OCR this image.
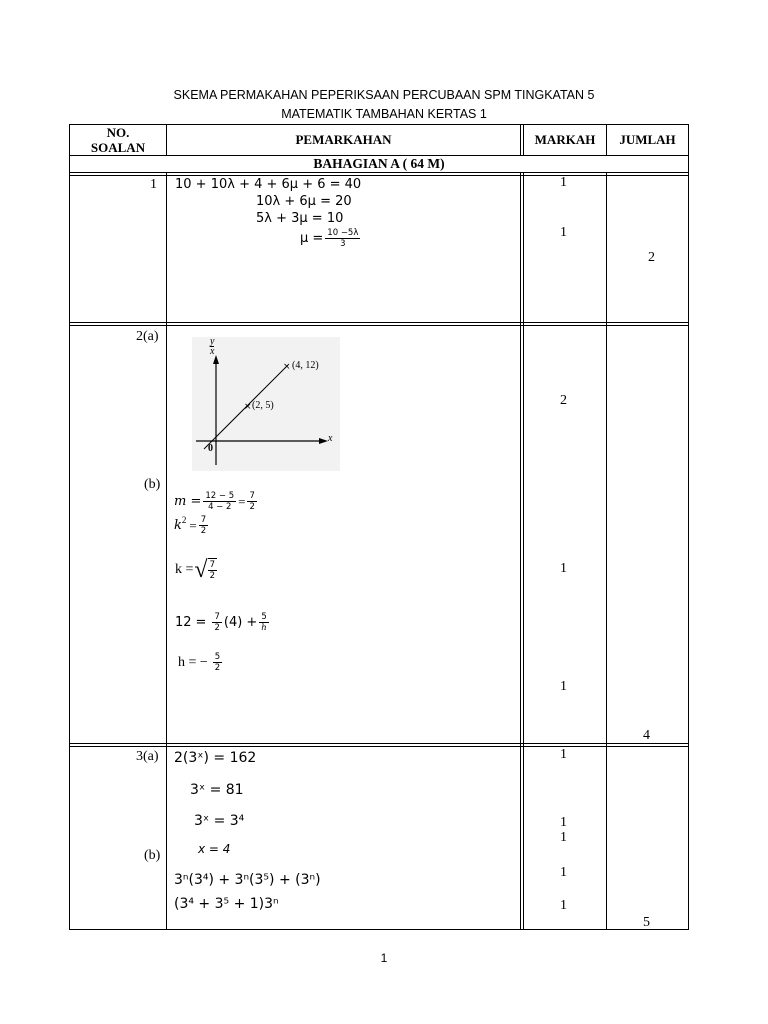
SKEMA PERMAKAHAN PEPERIKSAAN PERCUBAAN SPM TINGKATAN 5
MATEMATIK TAMBAHAN KERTAS 1
NO.
SOALAN
PEMARKAHAN	MARKAH	JUMLAH
BAHAGIAN A ( 64 M)
1 10 + 10λ + 4 + 6μ + 6 = 40
10λ + 6μ = 20
5λ + 3μ = 10
$\mu = \frac{10 -5\lambda}{3}$
1
1
2
2(a)
×
×
$\frac{y}{x}$
x
0
(4, 12)
(2, 5)
(b)
$m = \frac{12 - 5}{4 - 2} = \frac{7}{2}$
$k^2 = \frac{7}{2}$
k = √ $\frac{7}{2}$
$12 = \frac{7}{2} (4) + \frac{5}{h}$
h = − $\frac{5}{2}$
2
1
1
4
3(a) 2(3ˣ) = 162
3ˣ = 81
3ˣ = 3⁴
x = 4
(b)
3ⁿ(3⁴) + 3ⁿ(3⁵) + (3ⁿ)
(3⁴ + 3⁵ + 1)3ⁿ
1
1
1
1
1
5
1
